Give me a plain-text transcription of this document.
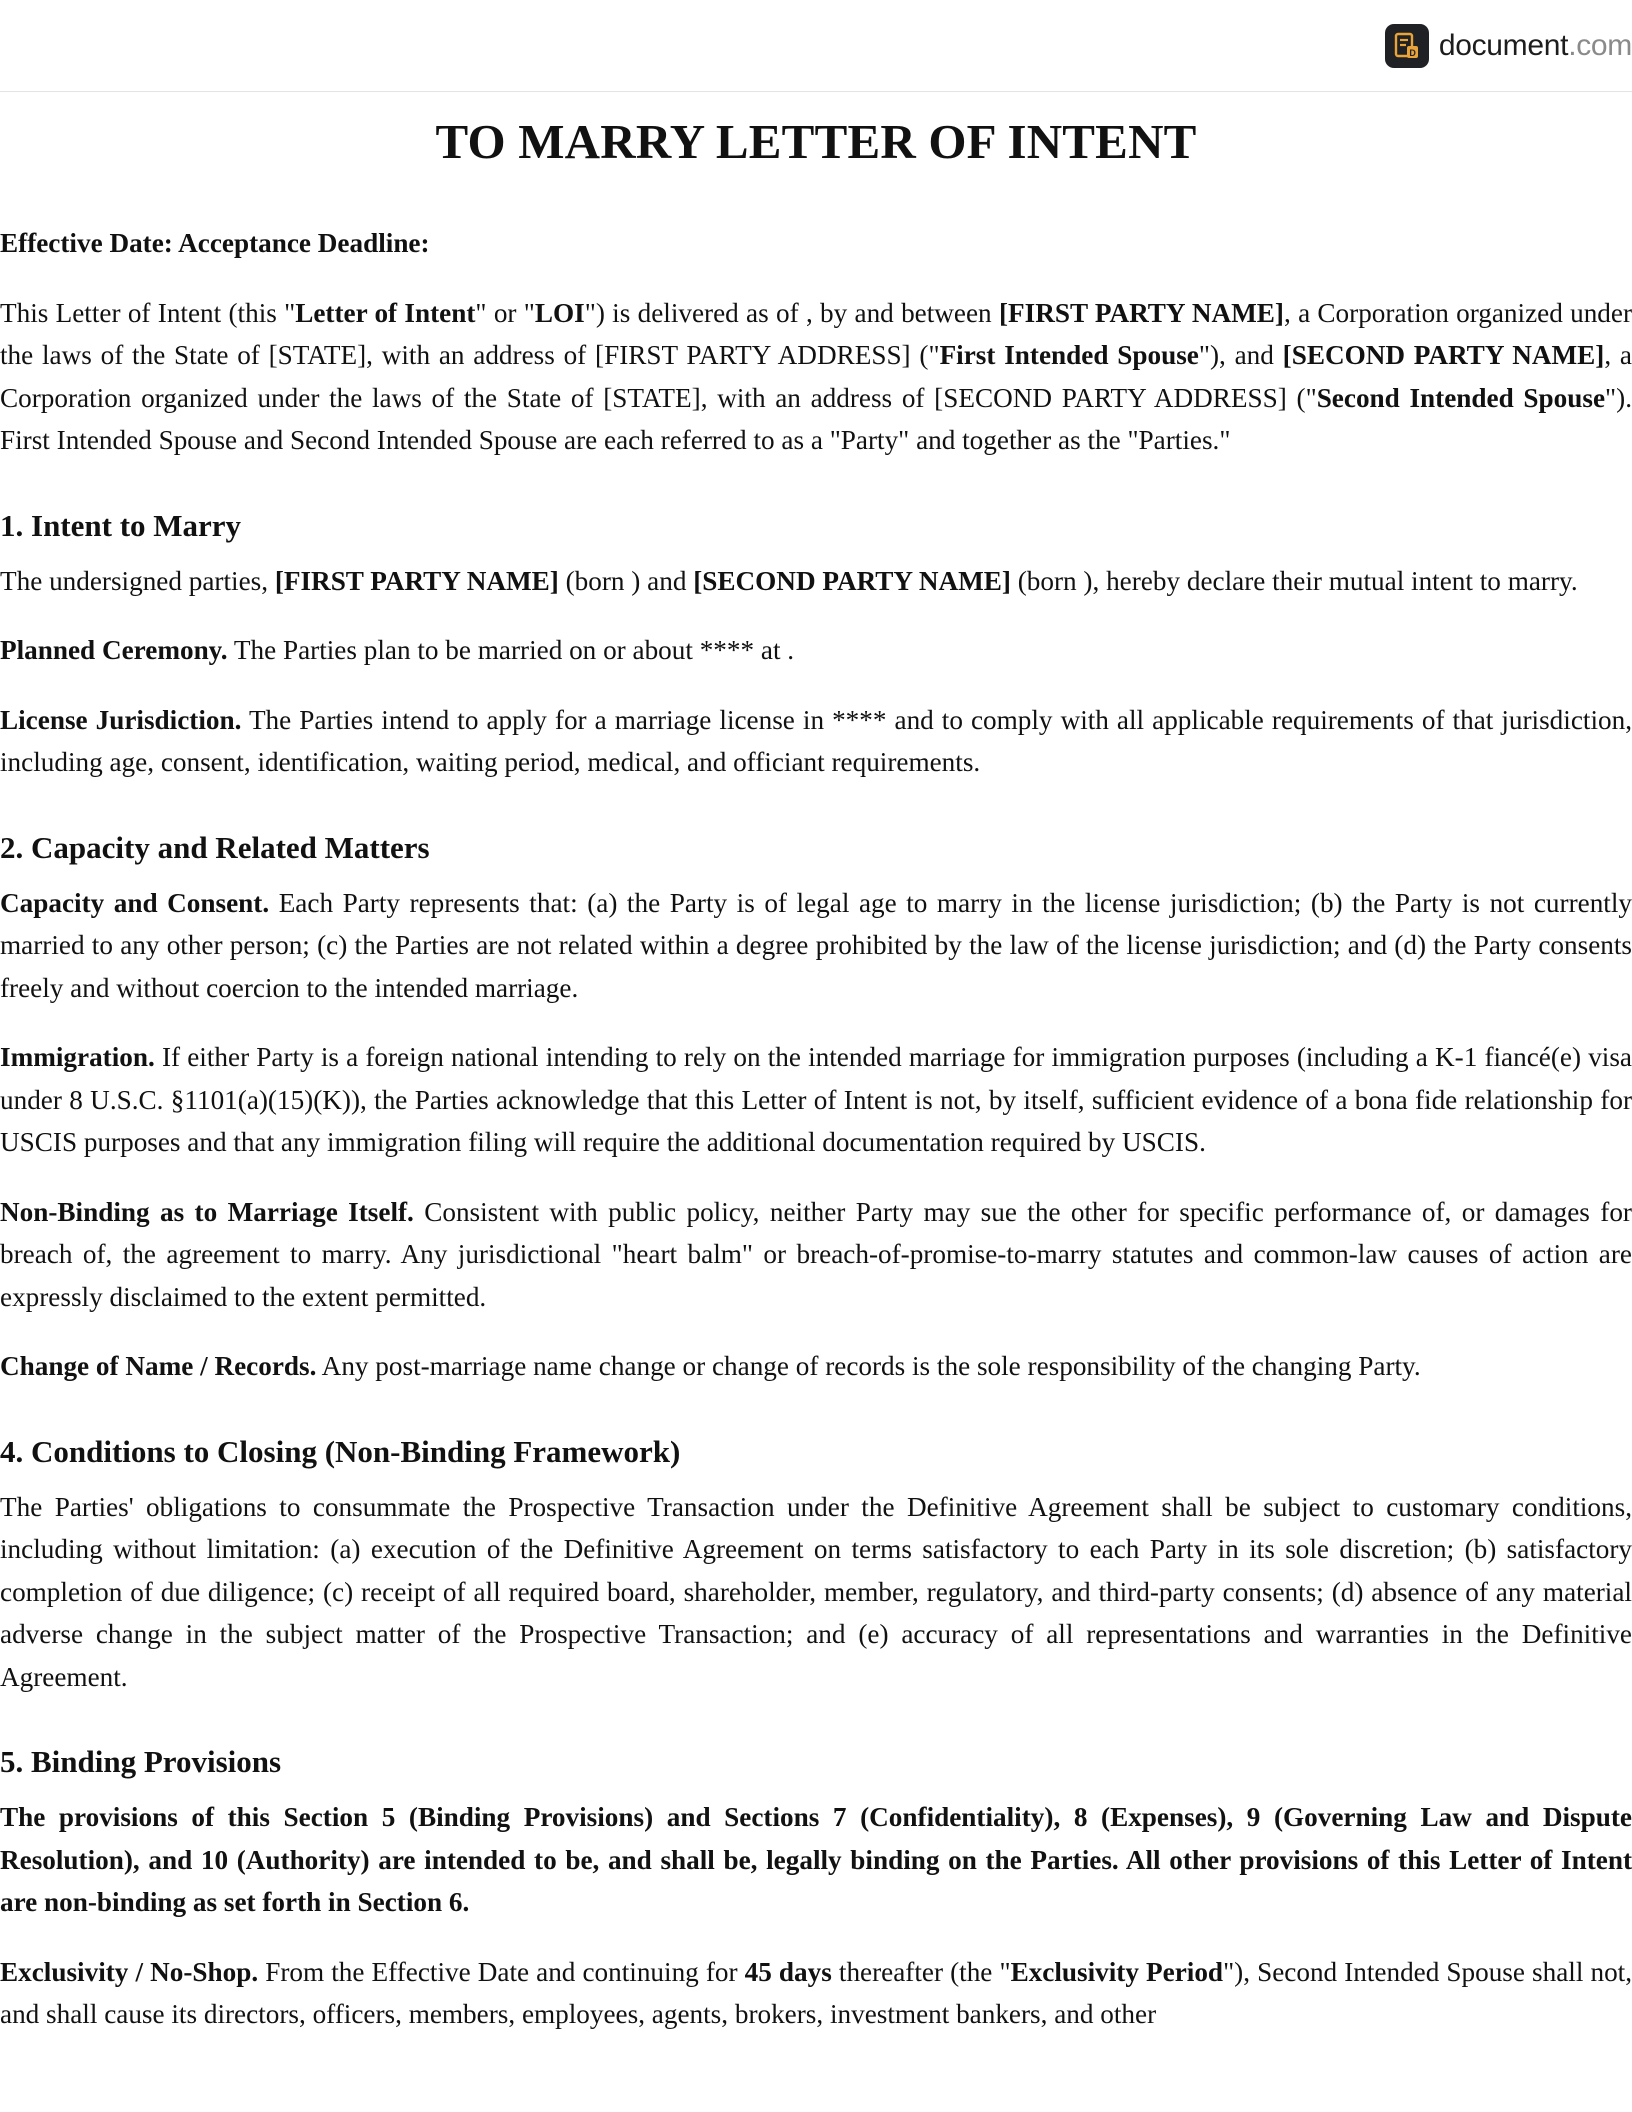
D document .com
TO MARRY LETTER OF INTENT

Effective Date: Acceptance Deadline:

This Letter of Intent (this "Letter of Intent" or "LOI") is delivered as of , by and between [FIRST PARTY NAME], a Corporation organized under the laws of the State of [STATE], with an address of [FIRST PARTY ADDRESS] ("First Intended Spouse"), and [SECOND PARTY NAME], a Corporation organized under the laws of the State of [STATE], with an address of [SECOND PARTY ADDRESS] ("Second Intended Spouse"). First Intended Spouse and Second Intended Spouse are each referred to as a "Party" and together as the "Parties."

1. Intent to Marry

The undersigned parties, [FIRST PARTY NAME] (born ) and [SECOND PARTY NAME] (born ), hereby declare their mutual intent to marry.

Planned Ceremony. The Parties plan to be married on or about **** at .

License Jurisdiction. The Parties intend to apply for a marriage license in **** and to comply with all applicable requirements of that jurisdiction, including age, consent, identification, waiting period, medical, and officiant requirements.

2. Capacity and Related Matters

Capacity and Consent. Each Party represents that: (a) the Party is of legal age to marry in the license jurisdiction; (b) the Party is not currently married to any other person; (c) the Parties are not related within a degree prohibited by the law of the license jurisdiction; and (d) the Party consents freely and without coercion to the intended marriage.

Immigration. If either Party is a foreign national intending to rely on the intended marriage for immigration purposes (including a K-1 fiancé(e) visa under 8 U.S.C. §1101(a)(15)(K)), the Parties acknowledge that this Letter of Intent is not, by itself, sufficient evidence of a bona fide relationship for USCIS purposes and that any immigration filing will require the additional documentation required by USCIS.

Non-Binding as to Marriage Itself. Consistent with public policy, neither Party may sue the other for specific performance of, or damages for breach of, the agreement to marry. Any jurisdictional "heart balm" or breach-of-promise-to-marry statutes and common-law causes of action are expressly disclaimed to the extent permitted.

Change of Name / Records. Any post-marriage name change or change of records is the sole responsibility of the changing Party.

4. Conditions to Closing (Non-Binding Framework)

The Parties' obligations to consummate the Prospective Transaction under the Definitive Agreement shall be subject to customary conditions, including without limitation: (a) execution of the Definitive Agreement on terms satisfactory to each Party in its sole discretion; (b) satisfactory completion of due diligence; (c) receipt of all required board, shareholder, member, regulatory, and third-party consents; (d) absence of any material adverse change in the subject matter of the Prospective Transaction; and (e) accuracy of all representations and warranties in the Definitive Agreement.

5. Binding Provisions

The provisions of this Section 5 (Binding Provisions) and Sections 7 (Confidentiality), 8 (Expenses), 9 (Governing Law and Dispute Resolution), and 10 (Authority) are intended to be, and shall be, legally binding on the Parties. All other provisions of this Letter of Intent are non-binding as set forth in Section 6.

Exclusivity / No-Shop. From the Effective Date and continuing for 45 days thereafter (the "Exclusivity Period"), Second Intended Spouse shall not, and shall cause its directors, officers, members, employees, agents, brokers, investment bankers, and other
